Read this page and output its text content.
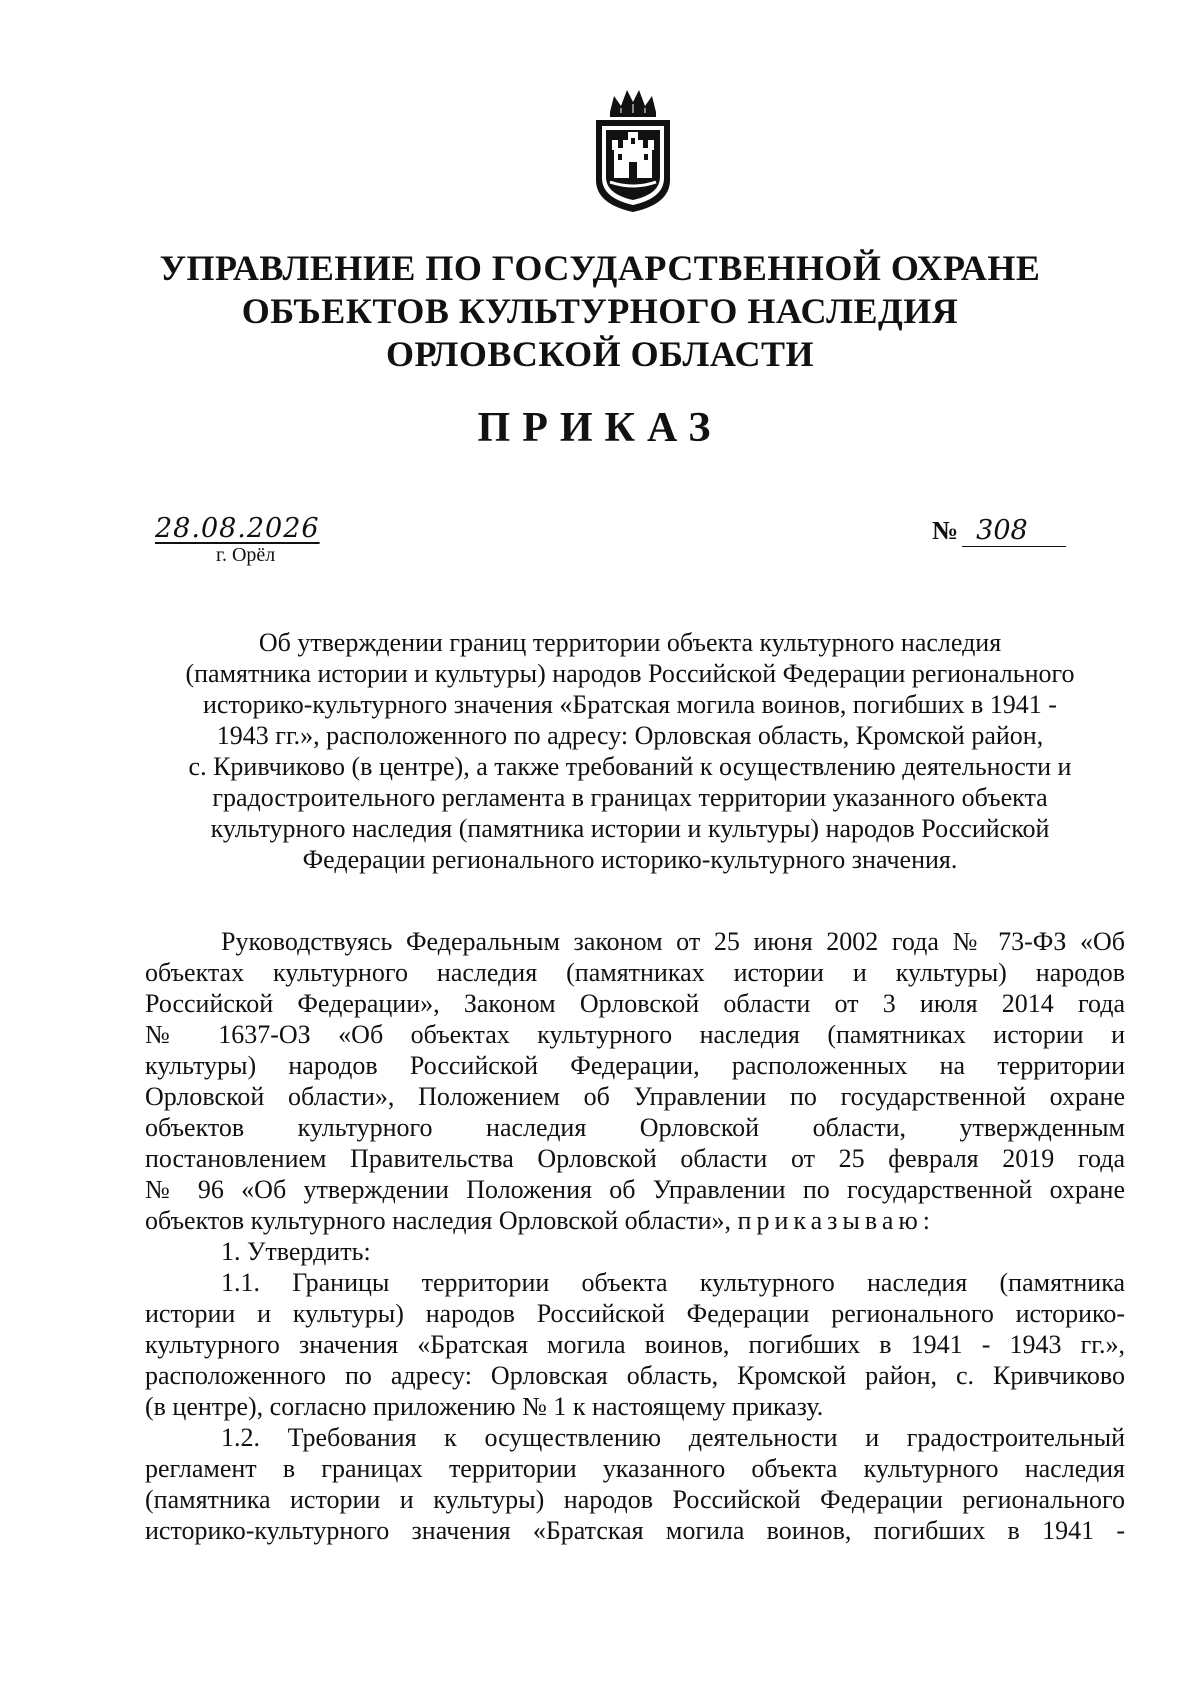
УПРАВЛЕНИЕ ПО ГОСУДАРСТВЕННОЙ ОХРАНЕ
ОБЪЕКТОВ КУЛЬТУРНОГО НАСЛЕДИЯ
ОРЛОВСКОЙ ОБЛАСТИ
ПРИКАЗ
28.08.2026
г. Орёл
№ 308
Об утверждении границ территории объекта культурного наследия
(памятника истории и культуры) народов Российской Федерации регионального
историко-культурного значения «Братская могила воинов, погибших в 1941 -
1943 гг.», расположенного по адресу: Орловская область, Кромской район,
с. Кривчиково (в центре), а также требований к осуществлению деятельности и
градостроительного регламента в границах территории указанного объекта
культурного наследия (памятника истории и культуры) народов Российской
Федерации регионального историко-культурного значения.
Руководствуясь Федеральным законом от 25 июня 2002 года № 73-ФЗ «Об
объектах культурного наследия (памятниках истории и культуры) народов
Российской Федерации», Законом Орловской области от 3 июля 2014 года
№ 1637-ОЗ «Об объектах культурного наследия (памятниках истории и
культуры) народов Российской Федерации, расположенных на территории
Орловской области», Положением об Управлении по государственной охране
объектов культурного наследия Орловской области, утвержденным
постановлением Правительства Орловской области от 25 февраля 2019 года
№ 96 «Об утверждении Положения об Управлении по государственной охране
объектов культурного наследия Орловской области», приказываю:
1. Утвердить:
1.1. Границы территории объекта культурного наследия (памятника
истории и культуры) народов Российской Федерации регионального историко-
культурного значения «Братская могила воинов, погибших в 1941 - 1943 гг.»,
расположенного по адресу: Орловская область, Кромской район, с. Кривчиково
(в центре), согласно приложению № 1 к настоящему приказу.
1.2. Требования к осуществлению деятельности и градостроительный
регламент в границах территории указанного объекта культурного наследия
(памятника истории и культуры) народов Российской Федерации регионального
историко-культурного значения «Братская могила воинов, погибших в 1941 -
